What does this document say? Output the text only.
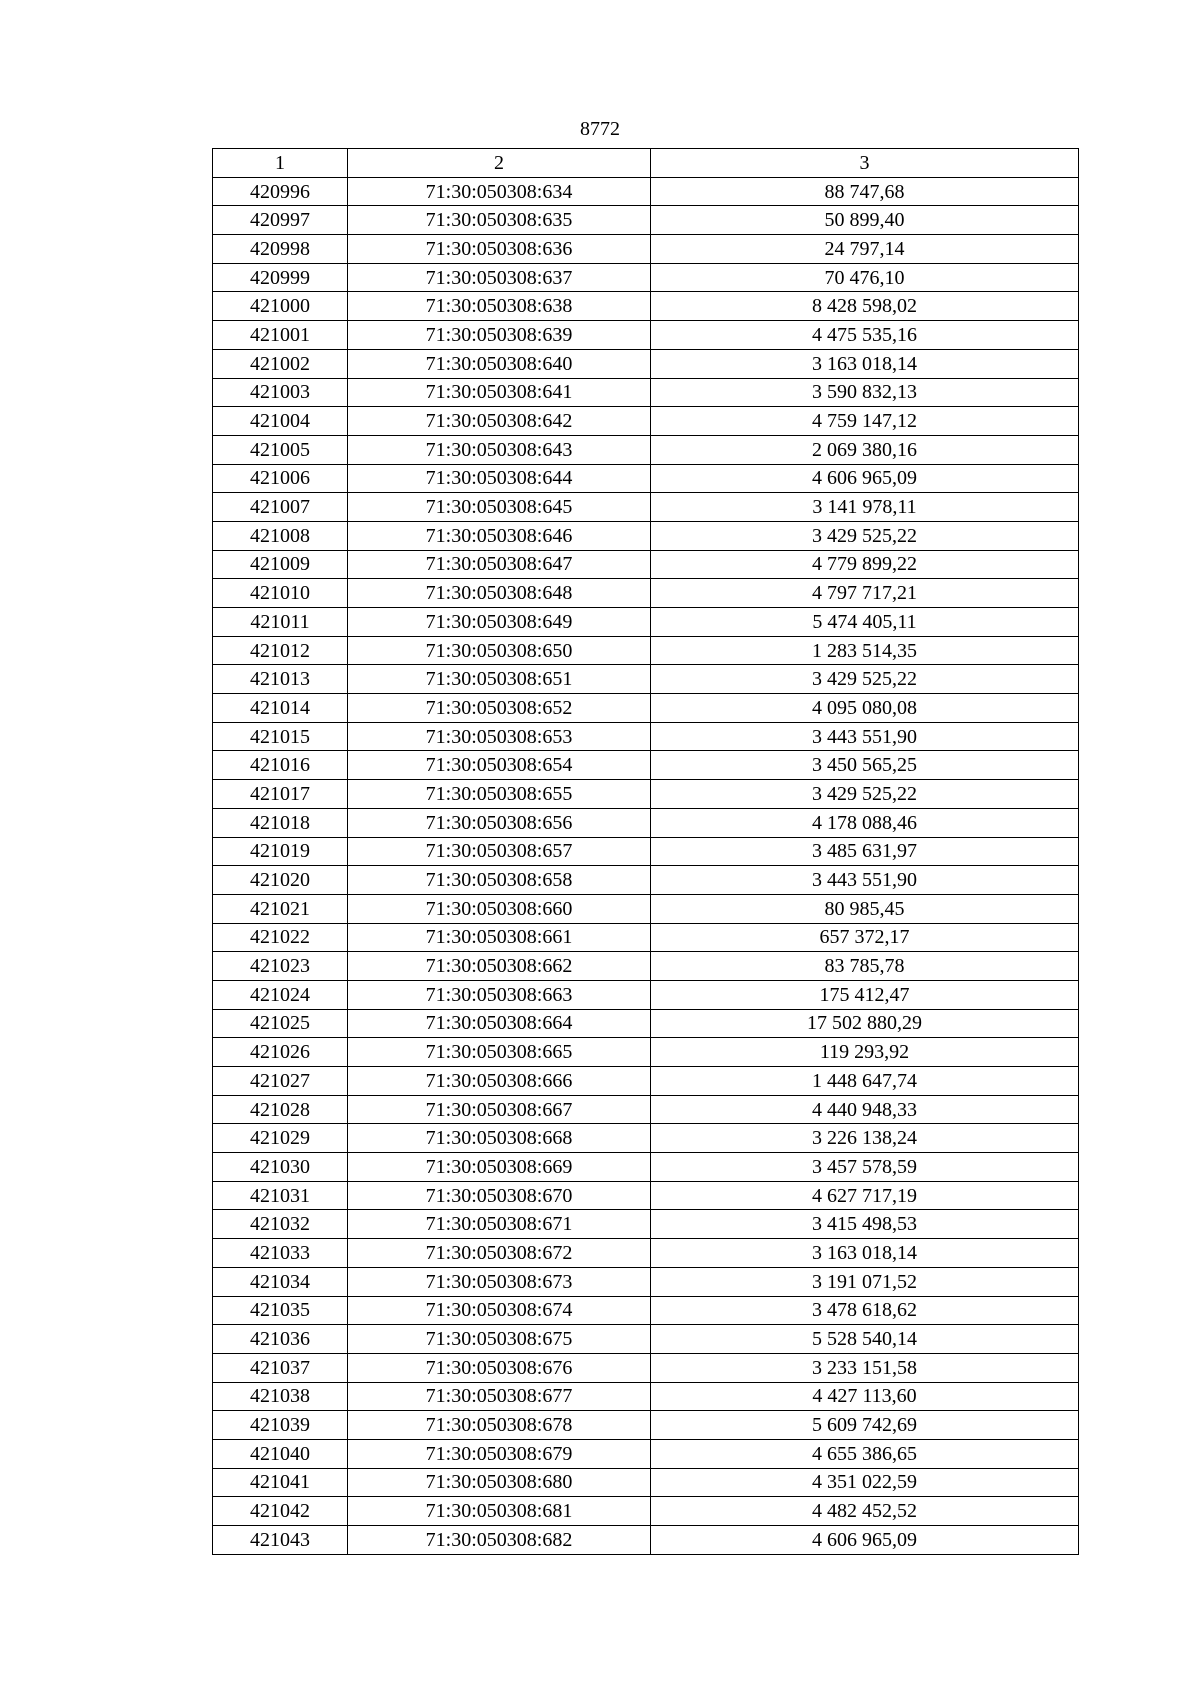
8772
1	2	3
420996	71:30:050308:634	88 747,68
420997	71:30:050308:635	50 899,40
420998	71:30:050308:636	24 797,14
420999	71:30:050308:637	70 476,10
421000	71:30:050308:638	8 428 598,02
421001	71:30:050308:639	4 475 535,16
421002	71:30:050308:640	3 163 018,14
421003	71:30:050308:641	3 590 832,13
421004	71:30:050308:642	4 759 147,12
421005	71:30:050308:643	2 069 380,16
421006	71:30:050308:644	4 606 965,09
421007	71:30:050308:645	3 141 978,11
421008	71:30:050308:646	3 429 525,22
421009	71:30:050308:647	4 779 899,22
421010	71:30:050308:648	4 797 717,21
421011	71:30:050308:649	5 474 405,11
421012	71:30:050308:650	1 283 514,35
421013	71:30:050308:651	3 429 525,22
421014	71:30:050308:652	4 095 080,08
421015	71:30:050308:653	3 443 551,90
421016	71:30:050308:654	3 450 565,25
421017	71:30:050308:655	3 429 525,22
421018	71:30:050308:656	4 178 088,46
421019	71:30:050308:657	3 485 631,97
421020	71:30:050308:658	3 443 551,90
421021	71:30:050308:660	80 985,45
421022	71:30:050308:661	657 372,17
421023	71:30:050308:662	83 785,78
421024	71:30:050308:663	175 412,47
421025	71:30:050308:664	17 502 880,29
421026	71:30:050308:665	119 293,92
421027	71:30:050308:666	1 448 647,74
421028	71:30:050308:667	4 440 948,33
421029	71:30:050308:668	3 226 138,24
421030	71:30:050308:669	3 457 578,59
421031	71:30:050308:670	4 627 717,19
421032	71:30:050308:671	3 415 498,53
421033	71:30:050308:672	3 163 018,14
421034	71:30:050308:673	3 191 071,52
421035	71:30:050308:674	3 478 618,62
421036	71:30:050308:675	5 528 540,14
421037	71:30:050308:676	3 233 151,58
421038	71:30:050308:677	4 427 113,60
421039	71:30:050308:678	5 609 742,69
421040	71:30:050308:679	4 655 386,65
421041	71:30:050308:680	4 351 022,59
421042	71:30:050308:681	4 482 452,52
421043	71:30:050308:682	4 606 965,09
